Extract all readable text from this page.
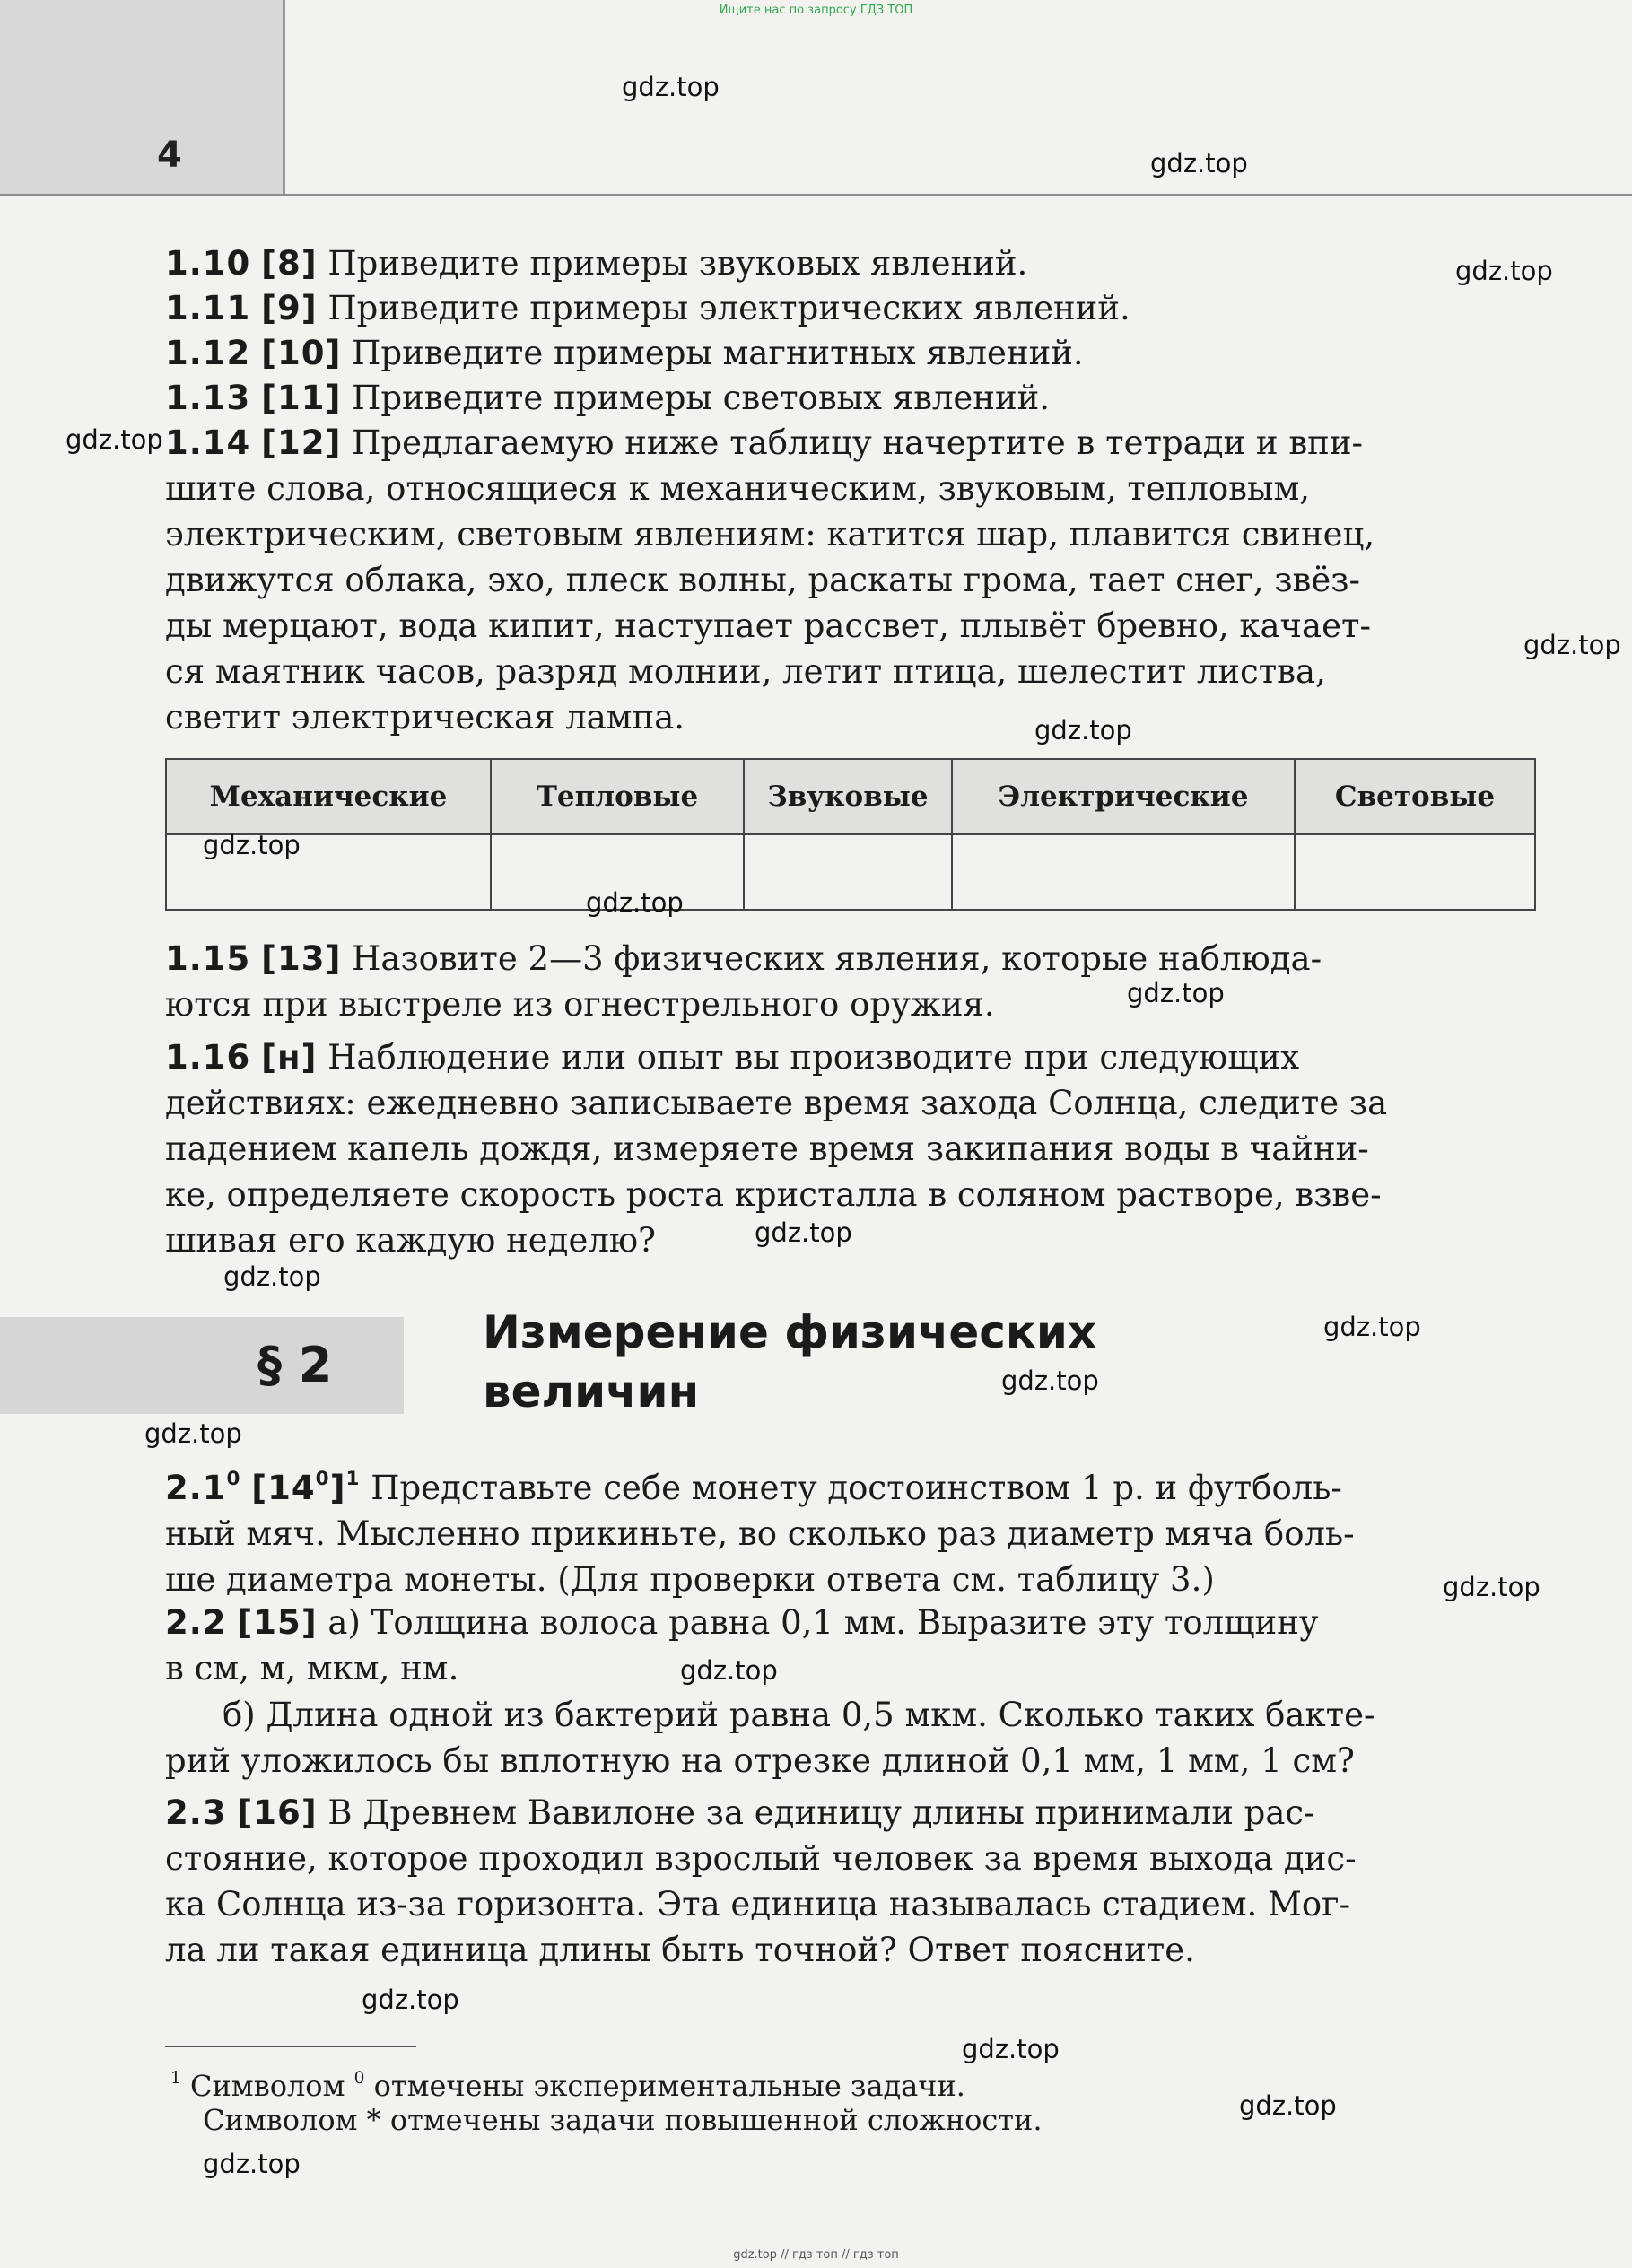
Ищите нас по запросу ГДЗ ТОП
4
1.10 [8] Приведите примеры звуковых явлений.
1.11 [9] Приведите примеры электрических явлений.
1.12 [10] Приведите примеры магнитных явлений.
1.13 [11] Приведите примеры световых явлений.
1.14 [12] Предлагаемую ниже таблицу начертите в тетради и впи-
шите слова, относящиеся к механическим, звуковым, тепловым,
электрическим, световым явлениям: катится шар, плавится свинец,
движутся облака, эхо, плеск волны, раскаты грома, тает снег, звёз-
ды мерцают, вода кипит, наступает рассвет, плывёт бревно, качает-
ся маятник часов, разряд молнии, летит птица, шелестит листва,
светит электрическая лампа.
Механические	Тепловые	Звуковые	Электрические	Световые

1.15 [13] Назовите 2—3 физических явления, которые наблюда-
ются при выстреле из огнестрельного оружия.
1.16 [н] Наблюдение или опыт вы производите при следующих
действиях: ежедневно записываете время захода Солнца, следите за
падением капель дождя, измеряете время закипания воды в чайни-
ке, определяете скорость роста кристалла в соляном растворе, взве-
шивая его каждую неделю?
§ 2
Измерение физических
величин
$2.1^0$ $[14^0]^1$ Представьте себе монету достоинством 1 р. и футболь-
ный мяч. Мысленно прикиньте, во сколько раз диаметр мяча боль-
ше диаметра монеты. (Для проверки ответа см. таблицу 3.)
2.2 [15] а) Толщина волоса равна 0,1 мм. Выразите эту толщину
в см, м, мкм, нм.
б) Длина одной из бактерий равна 0,5 мкм. Сколько таких бакте-
рий уложилось бы вплотную на отрезке длиной 0,1 мм, 1 мм, 1 см?
2.3 [16] В Древнем Вавилоне за единицу длины принимали рас-
стояние, которое проходил взрослый человек за время выхода дис-
ка Солнца из-за горизонта. Эта единица называлась стадием. Мог-
ла ли такая единица длины быть точной? Ответ поясните.
$^1$ Символом $^0$ отмечены экспериментальные задачи.
Символом * отмечены задачи повышенной сложности.
gdz.top
gdz.top
gdz.top
gdz.top
gdz.top
gdz.top
gdz.top
gdz.top
gdz.top
gdz.top
gdz.top
gdz.top
gdz.top
gdz.top
gdz.top
gdz.top
gdz.top
gdz.top
gdz.top
gdz.top
gdz.top // гдз топ // гдз топ
